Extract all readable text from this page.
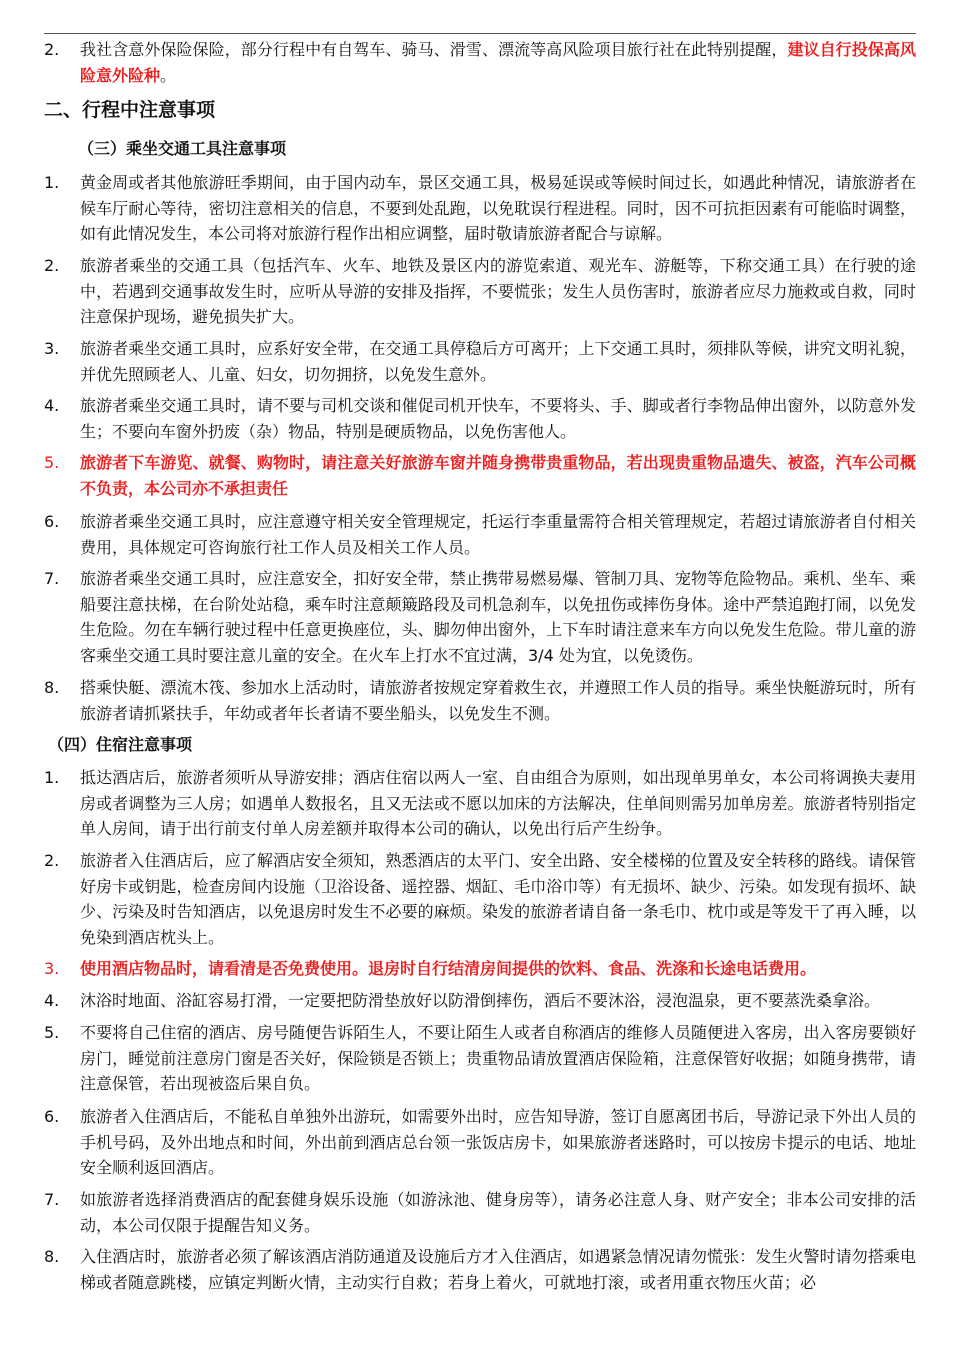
2.	我社含意外保险保险，部分行程中有自驾车、骑马、滑雪、漂流等高风险项目旅行社在此特别提醒，建议自行投保高风险意外险种。
二、行程中注意事项
（三）乘坐交通工具注意事项
1.	黄金周或者其他旅游旺季期间，由于国内动车，景区交通工具，极易延误或等候时间过长，如遇此种情况，请旅游者在候车厅耐心等待，密切注意相关的信息，不要到处乱跑，以免耽误行程进程。同时，因不可抗拒因素有可能临时调整，如有此情况发生，本公司将对旅游行程作出相应调整，届时敬请旅游者配合与谅解。
2.	旅游者乘坐的交通工具（包括汽车、火车、地铁及景区内的游览索道、观光车、游艇等，下称交通工具）在行驶的途中，若遇到交通事故发生时，应听从导游的安排及指挥，不要慌张；发生人员伤害时，旅游者应尽力施救或自救，同时注意保护现场，避免损失扩大。
3.	旅游者乘坐交通工具时，应系好安全带，在交通工具停稳后方可离开；上下交通工具时，须排队等候，讲究文明礼貌，并优先照顾老人、儿童、妇女，切勿拥挤，以免发生意外。
4.	旅游者乘坐交通工具时，请不要与司机交谈和催促司机开快车，不要将头、手、脚或者行李物品伸出窗外，以防意外发生；不要向车窗外扔废（杂）物品，特别是硬质物品，以免伤害他人。
5.	旅游者下车游览、就餐、购物时，请注意关好旅游车窗并随身携带贵重物品，若出现贵重物品遗失、被盗，汽车公司概不负责，本公司亦不承担责任
6.	旅游者乘坐交通工具时，应注意遵守相关安全管理规定，托运行李重量需符合相关管理规定，若超过请旅游者自付相关费用，具体规定可咨询旅行社工作人员及相关工作人员。
7.	旅游者乘坐交通工具时，应注意安全，扣好安全带，禁止携带易燃易爆、管制刀具、宠物等危险物品。乘机、坐车、乘船要注意扶梯，在台阶处站稳，乘车时注意颠簸路段及司机急刹车，以免扭伤或摔伤身体。途中严禁追跑打闹，以免发生危险。勿在车辆行驶过程中任意更换座位，头、脚勿伸出窗外，上下车时请注意来车方向以免发生危险。带儿童的游客乘坐交通工具时要注意儿童的安全。在火车上打水不宜过满，3/4 处为宜，以免烫伤。
8.	搭乘快艇、漂流木筏、参加水上活动时，请旅游者按规定穿着救生衣，并遵照工作人员的指导。乘坐快艇游玩时，所有旅游者请抓紧扶手，年幼或者年长者请不要坐船头，以免发生不测。
（四）住宿注意事项
1.	抵达酒店后，旅游者须听从导游安排；酒店住宿以两人一室、自由组合为原则，如出现单男单女，本公司将调换夫妻用房或者调整为三人房；如遇单人数报名，且又无法或不愿以加床的方法解决，住单间则需另加单房差。旅游者特别指定单人房间，请于出行前支付单人房差额并取得本公司的确认，以免出行后产生纷争。
2.	旅游者入住酒店后，应了解酒店安全须知，熟悉酒店的太平门、安全出路、安全楼梯的位置及安全转移的路线。请保管好房卡或钥匙，检查房间内设施（卫浴设备、遥控器、烟缸、毛巾浴巾等）有无损坏、缺少、污染。如发现有损坏、缺少、污染及时告知酒店，以免退房时发生不必要的麻烦。染发的旅游者请自备一条毛巾、枕巾或是等发干了再入睡，以免染到酒店枕头上。
3.	使用酒店物品时，请看清是否免费使用。退房时自行结清房间提供的饮料、食品、洗涤和长途电话费用。
4.	沐浴时地面、浴缸容易打滑，一定要把防滑垫放好以防滑倒摔伤，酒后不要沐浴，浸泡温泉，更不要蒸洗桑拿浴。
5.	不要将自己住宿的酒店、房号随便告诉陌生人，不要让陌生人或者自称酒店的维修人员随便进入客房，出入客房要锁好房门，睡觉前注意房门窗是否关好，保险锁是否锁上；贵重物品请放置酒店保险箱，注意保管好收据；如随身携带，请注意保管，若出现被盗后果自负。
6.	旅游者入住酒店后，不能私自单独外出游玩，如需要外出时，应告知导游，签订自愿离团书后，导游记录下外出人员的手机号码，及外出地点和时间，外出前到酒店总台领一张饭店房卡，如果旅游者迷路时，可以按房卡提示的电话、地址安全顺利返回酒店。
7.	如旅游者选择消费酒店的配套健身娱乐设施（如游泳池、健身房等），请务必注意人身、财产安全；非本公司安排的活动，本公司仅限于提醒告知义务。
8.	入住酒店时，旅游者必须了解该酒店消防通道及设施后方才入住酒店，如遇紧急情况请勿慌张：发生火警时请勿搭乘电梯或者随意跳楼，应镇定判断火情，主动实行自救；若身上着火，可就地打滚，或者用重衣物压火苗；必
